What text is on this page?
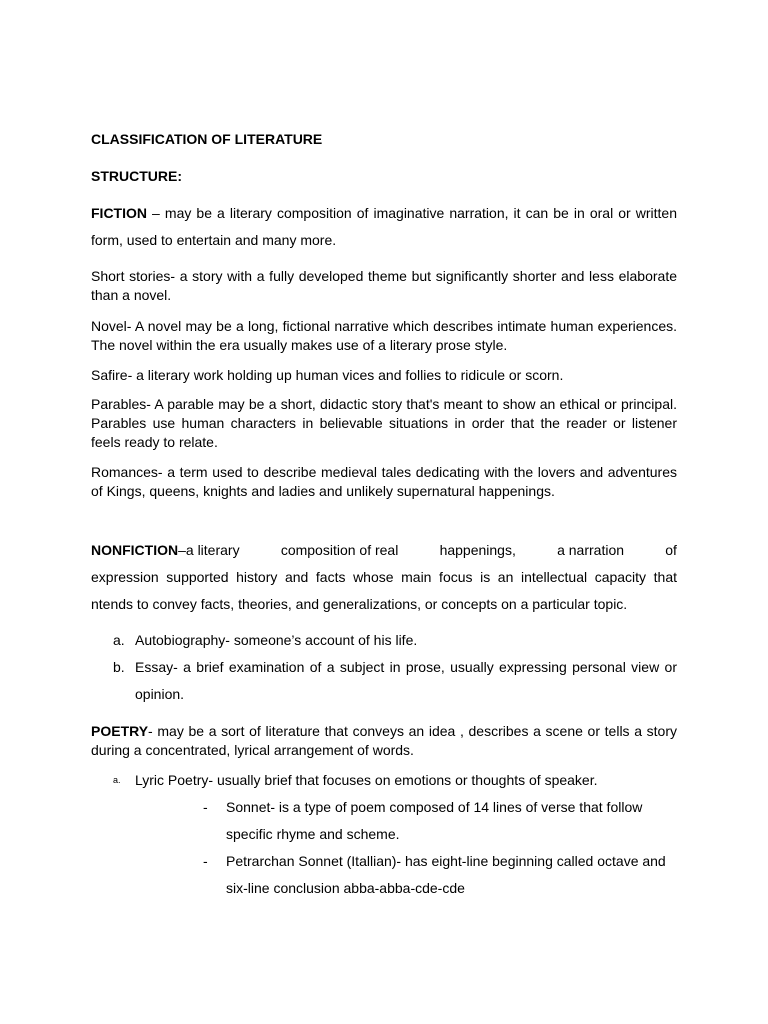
CLASSIFICATION OF LITERATURE

STRUCTURE:

FICTION – may be a literary composition of imaginative narration, it can be in oral or written form, used to entertain and many more.

Short stories- a story with a fully developed theme but significantly shorter and less elaborate than a novel.

Novel- A novel may be a long, fictional narrative which describes intimate human experiences. The novel within the era usually makes use of a literary prose style.

Safire- a literary work holding up human vices and follies to ridicule or scorn.

Parables- A parable may be a short, didactic story that's meant to show an ethical or principal. Parables use human characters in believable situations in order that the reader or listener feels ready to relate.

Romances- a term used to describe medieval tales dedicating with the lovers and adventures of Kings, queens, knights and ladies and unlikely supernatural happenings.

NONFICTION–a literary	composition of real	happenings,	a narration	of
expression supported history and facts whose main focus is an intellectual capacity that ntends to convey facts, theories, and generalizations, or concepts on a particular topic.
a. Autobiography- someone’s account of his life.
b. Essay- a brief examination of a subject in prose, usually expressing personal view or opinion.

POETRY- may be a sort of literature that conveys an idea , describes a scene or tells a story during a concentrated, lyrical arrangement of words.

a.	Lyric Poetry- usually brief that focuses on emotions or thoughts of speaker.
-	Sonnet- is a type of poem composed of 14 lines of verse that follow specific rhyme and scheme.
-	Petrarchan Sonnet (Itallian)- has eight-line beginning called octave and six-line conclusion abba-abba-cde-cde
